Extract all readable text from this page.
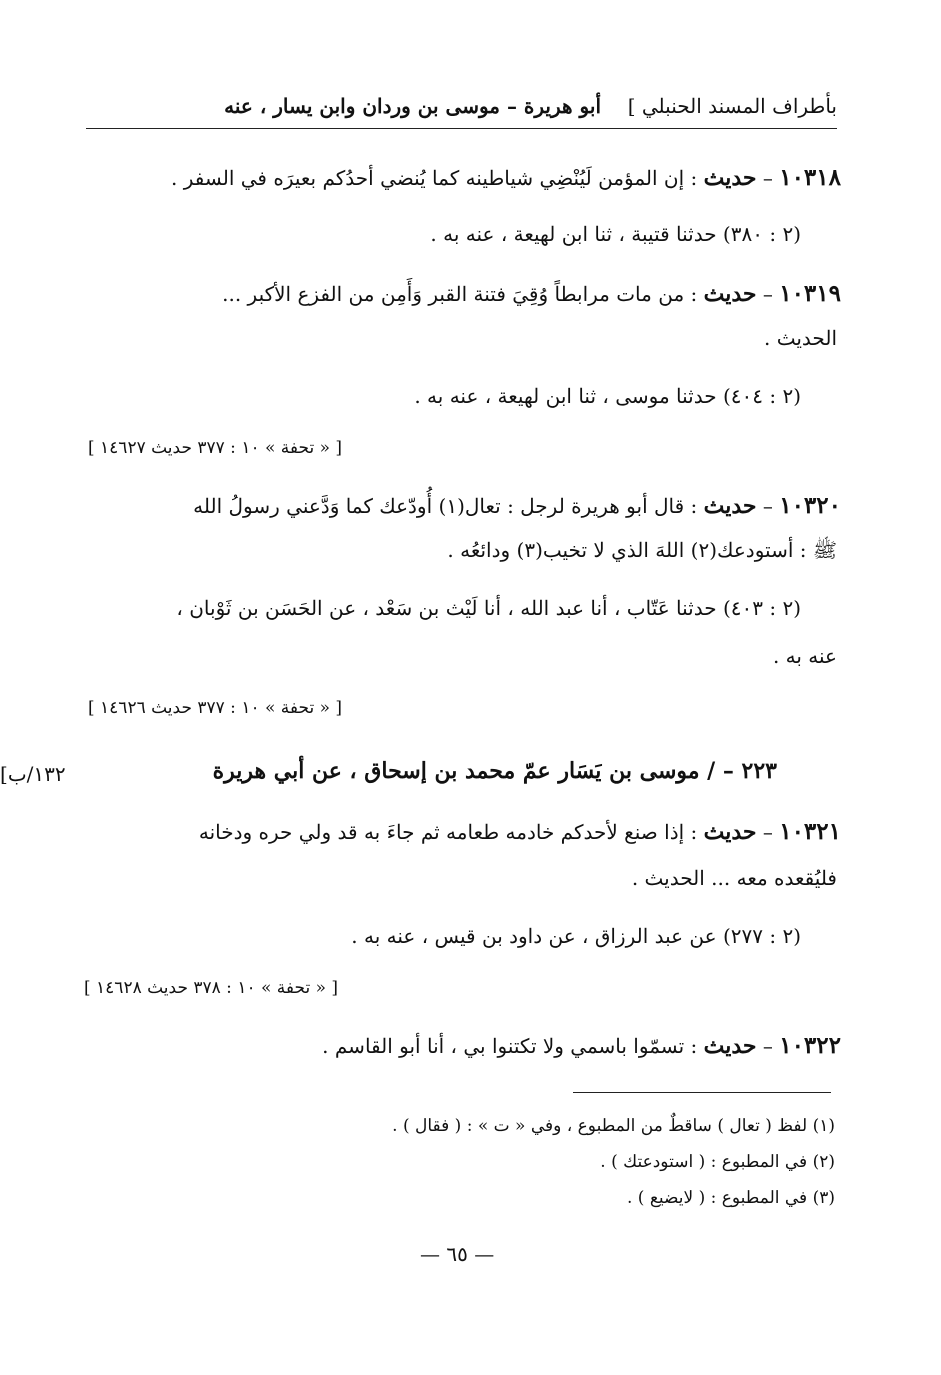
بأطراف المسند الحنبلي ]
أبو هريرة – موسى بن وردان وابن يسار ، عنه
١٠٣١٨ – حديث : إن المؤمن لَيُنْضِي شياطينه كما يُنضي أحدُكم بعيرَه في السفر .
(٢ : ٣٨٠) حدثنا قتيبة ، ثنا ابن لهيعة ، عنه به .
١٠٣١٩ – حديث : من مات مرابطاً وُقِيَ فتنة القبر وَأَمِن من الفزع الأكبر ...
الحديث .
(٢ : ٤٠٤) حدثنا موسى ، ثنا ابن لهيعة ، عنه به .
[ « تحفة » ١٠ : ٣٧٧ حديث ١٤٦٢٧ ]
١٠٣٢٠ – حديث : قال أبو هريرة لرجل : تعال(١) أُودّعك كما وَدَّعني رسولُ الله
ﷺ : أستودعك(٢) اللهَ الذي لا تخيب(٣) ودائعُه .
(٢ : ٤٠٣) حدثنا عَتّاب ، أنا عبد الله ، أنا لَيْث بن سَعْد ، عن الحَسَن بن ثَوْبان ،
عنه به .
[ « تحفة » ١٠ : ٣٧٧ حديث ١٤٦٢٦ ]
٢٢٣ – / موسى بن يَسَار عمّ محمد بن إسحاق ، عن أبي هريرة
[١٣٢/ب
١٠٣٢١ – حديث : إذا صنع لأحدكم خادمه طعامه ثم جاءَ به قد ولي حره ودخانه
فليُقعده معه ... الحديث .
(٢ : ٢٧٧) عن عبد الرزاق ، عن داود بن قيس ، عنه به .
[ « تحفة » ١٠ : ٣٧٨ حديث ١٤٦٢٨ ]
١٠٣٢٢ – حديث : تسمّوا باسمي ولا تكتنوا بي ، أنا أبو القاسم .
(١) لفظ ( تعال ) ساقطٌ من المطبوع ، وفي « ت » : ( فقال ) .
(٢) في المطبوع : ( استودعتك ) .
(٣) في المطبوع : ( لايضيع ) .
— ٦٥ —
